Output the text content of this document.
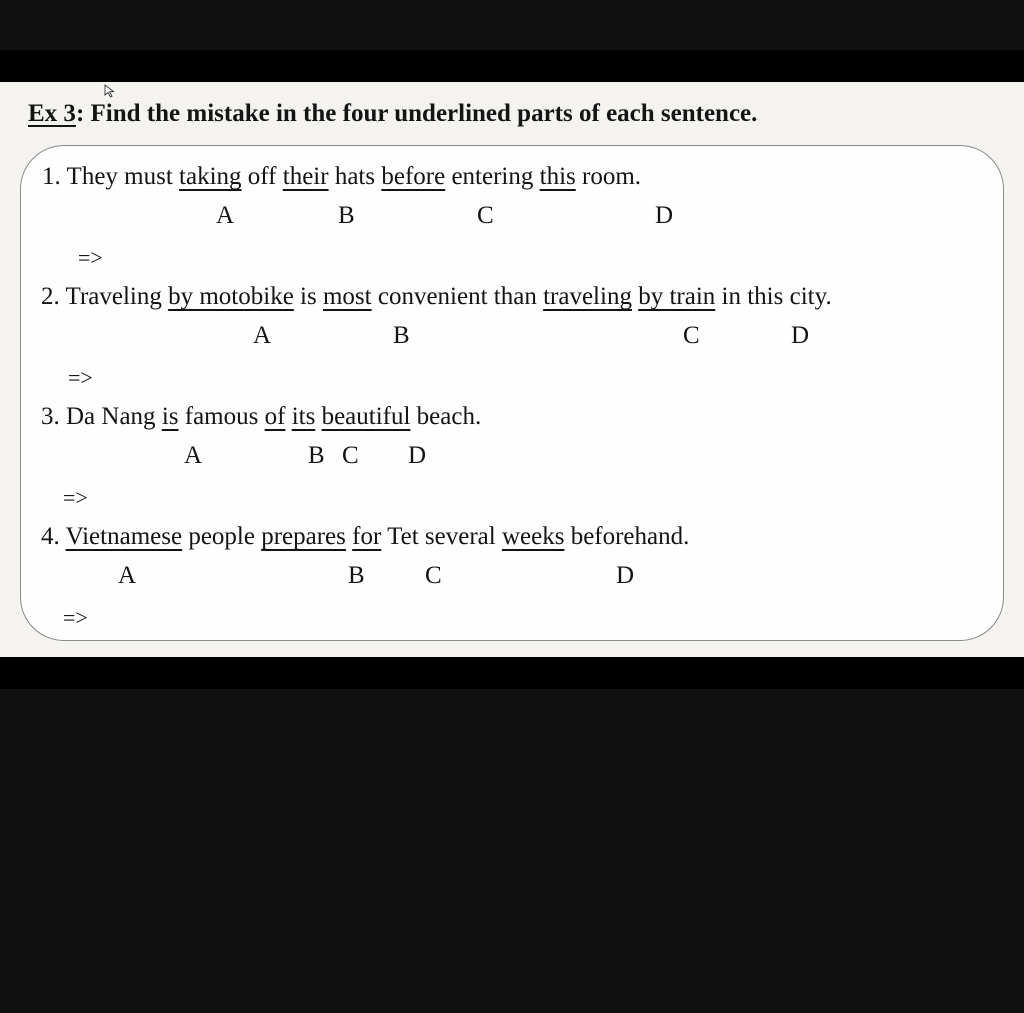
Ex 3: Find the mistake in the four underlined parts of each sentence.

1. They must taking off their hats before entering this room.

A	B	C	D
=>

2. Traveling by motobike is most convenient than traveling by train in this city.

A	B	C	D
=>

3. Da Nang is famous of its beautiful beach.

A	B C D
=>

4. Vietnamese people prepares for Tet several weeks beforehand.

A	B C	D
=>
